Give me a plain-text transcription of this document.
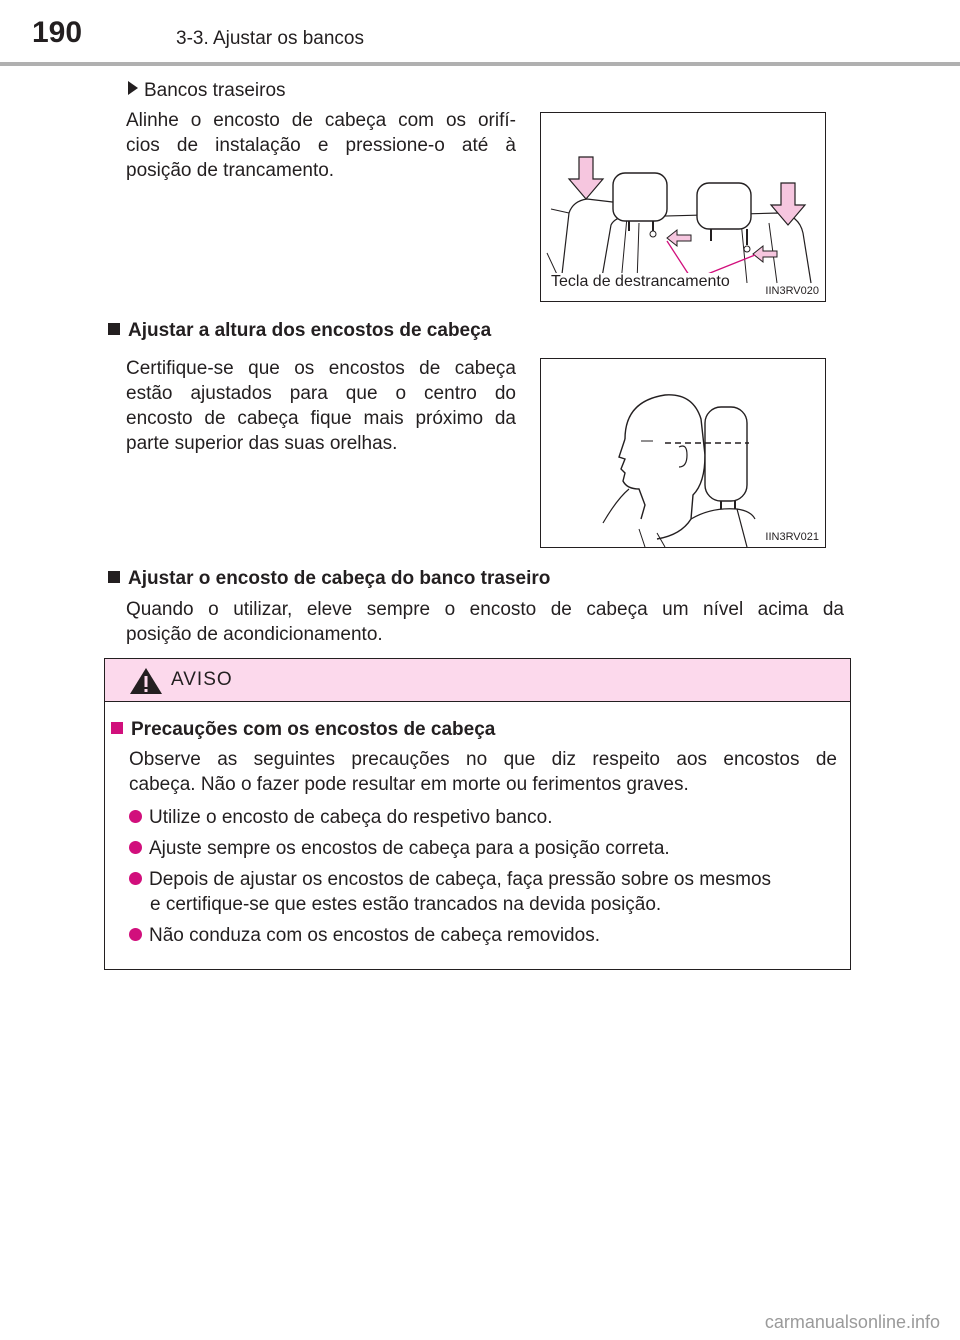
190	3-3. Ajustar os bancos
Bancos traseiros
Alinhe o encosto de cabeça com os orifí-
cios de instalação e pressione-o até à
posição de trancamento.
Tecla de destrancamento
IIN3RV020
Ajustar a altura dos encostos de cabeça
Certifique-se que os encostos de cabeça
estão ajustados para que o centro do
encosto de cabeça fique mais próximo da
parte superior das suas orelhas.
IIN3RV021
Ajustar o encosto de cabeça do banco traseiro
Quando o utilizar, eleve sempre o encosto de cabeça um nível acima da
posição de acondicionamento.
AVISO
Precauções com os encostos de cabeça
Observe as seguintes precauções no que diz respeito aos encostos de
cabeça. Não o fazer pode resultar em morte ou ferimentos graves.
Utilize o encosto de cabeça do respetivo banco.
Ajuste sempre os encostos de cabeça para a posição correta.
Depois de ajustar os encostos de cabeça, faça pressão sobre os mesmos
e certifique-se que estes estão trancados na devida posição.
Não conduza com os encostos de cabeça removidos.
carmanualsonline.info
